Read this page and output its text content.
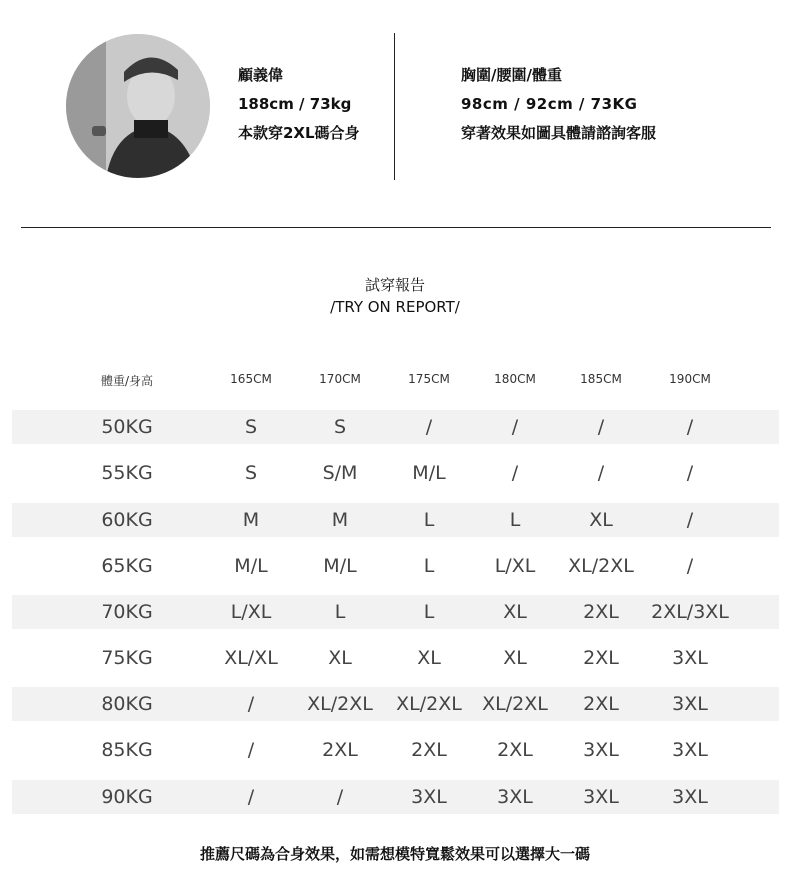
顧義偉
188cm / 73kg
本款穿2XL碼合身
胸圍/腰圍/體重
98cm / 92cm / 73KG
穿著效果如圖具體請諮詢客服
試穿報告
/TRY ON REPORT/
體重/身高	165CM	170CM	175CM	180CM	185CM	190CM
50KG	S	S	/	/	/	/
55KG	S	S/M	M/L	/	/	/
60KG	M	M	L	L	XL	/
65KG	M/L	M/L	L	L/XL	XL/2XL	/
70KG	L/XL	L	L	XL	2XL	2XL/3XL
75KG	XL/XL	XL	XL	XL	2XL	3XL
80KG	/	XL/2XL	XL/2XL	XL/2XL	2XL	3XL
85KG	/	2XL	2XL	2XL	3XL	3XL
90KG	/	/	3XL	3XL	3XL	3XL
推薦尺碼為合身效果，如需想模特寬鬆效果可以選擇大一碼
